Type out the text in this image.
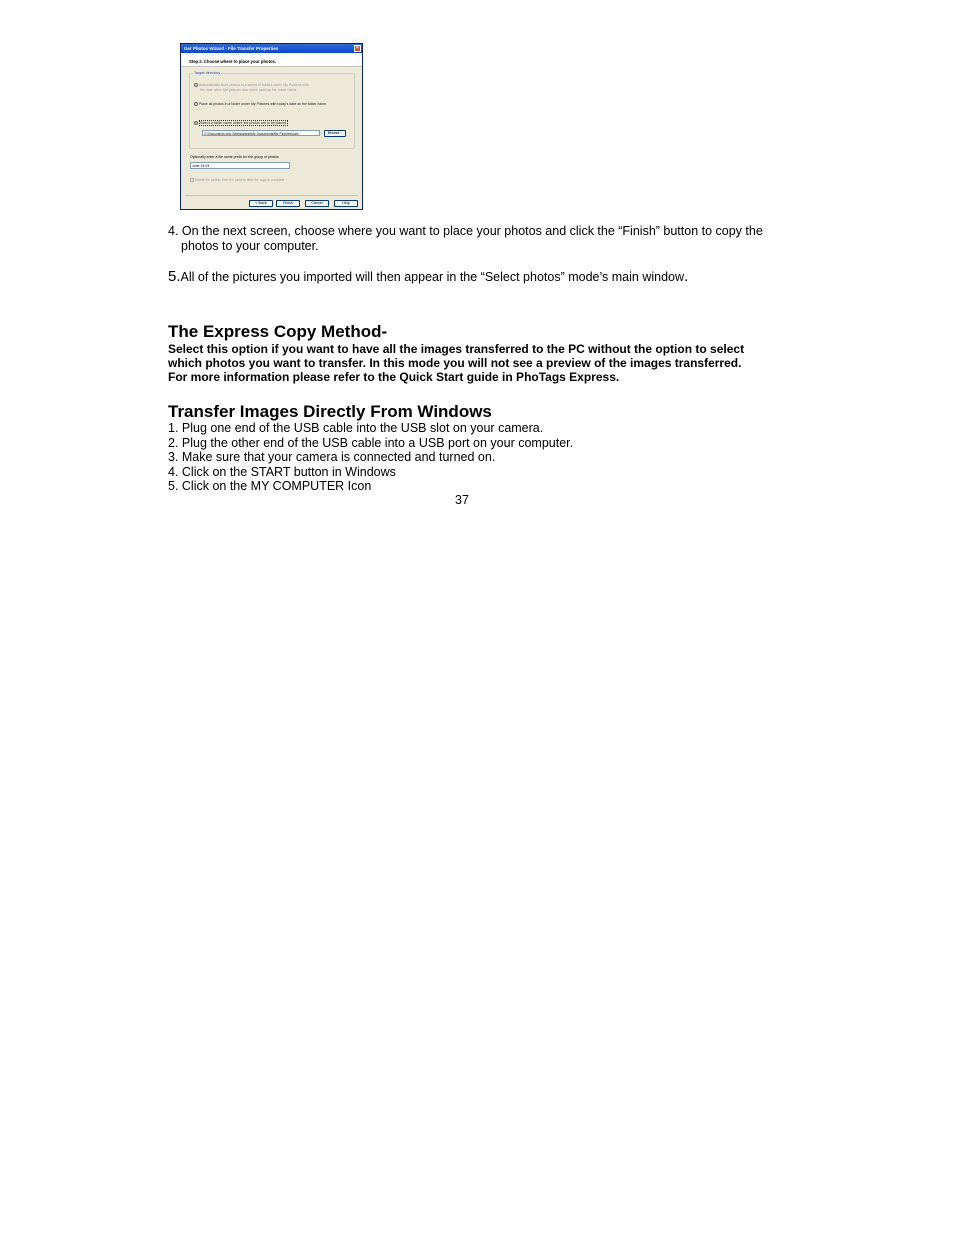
Get Photos Wizard - File Transfer Properties	×
Step 2. Choose where to place your photos.
Target directory
Automatically store photos in a series of folders under My Pictures with
the date when the pictures was taken used as the folder name.
Place all photos in a folder under My Pictures with today's date as the folder name.
Select a folder name where the photos are to be placed.
C:\Documents and Settings\test\My Documents\My Pictures\cam	Browse...
Optionally enter a file name prefix for the group of photos:
June 24 04
Delete the photos from the camera after the copy is complete.
< Back	Finish	Cancel	Help
4. On the next screen, choose where you want to place your photos and click the “Finish” button to copy the
photos to your computer.
5.All of the pictures you imported will then appear in the “Select photos” mode’s main window.
The Express Copy Method-
Select this option if you want to have all the images transferred to the PC without the option to select
which photos you want to transfer. In this mode you will not see a preview of the images transferred.
For more information please refer to the Quick Start guide in PhoTags Express.
Transfer Images Directly From Windows
1. Plug one end of the USB cable into the USB slot on your camera.
2. Plug the other end of the USB cable into a USB port on your computer.
3. Make sure that your camera is connected and turned on.
4. Click on the START button in Windows
5. Click on the MY COMPUTER Icon
37
